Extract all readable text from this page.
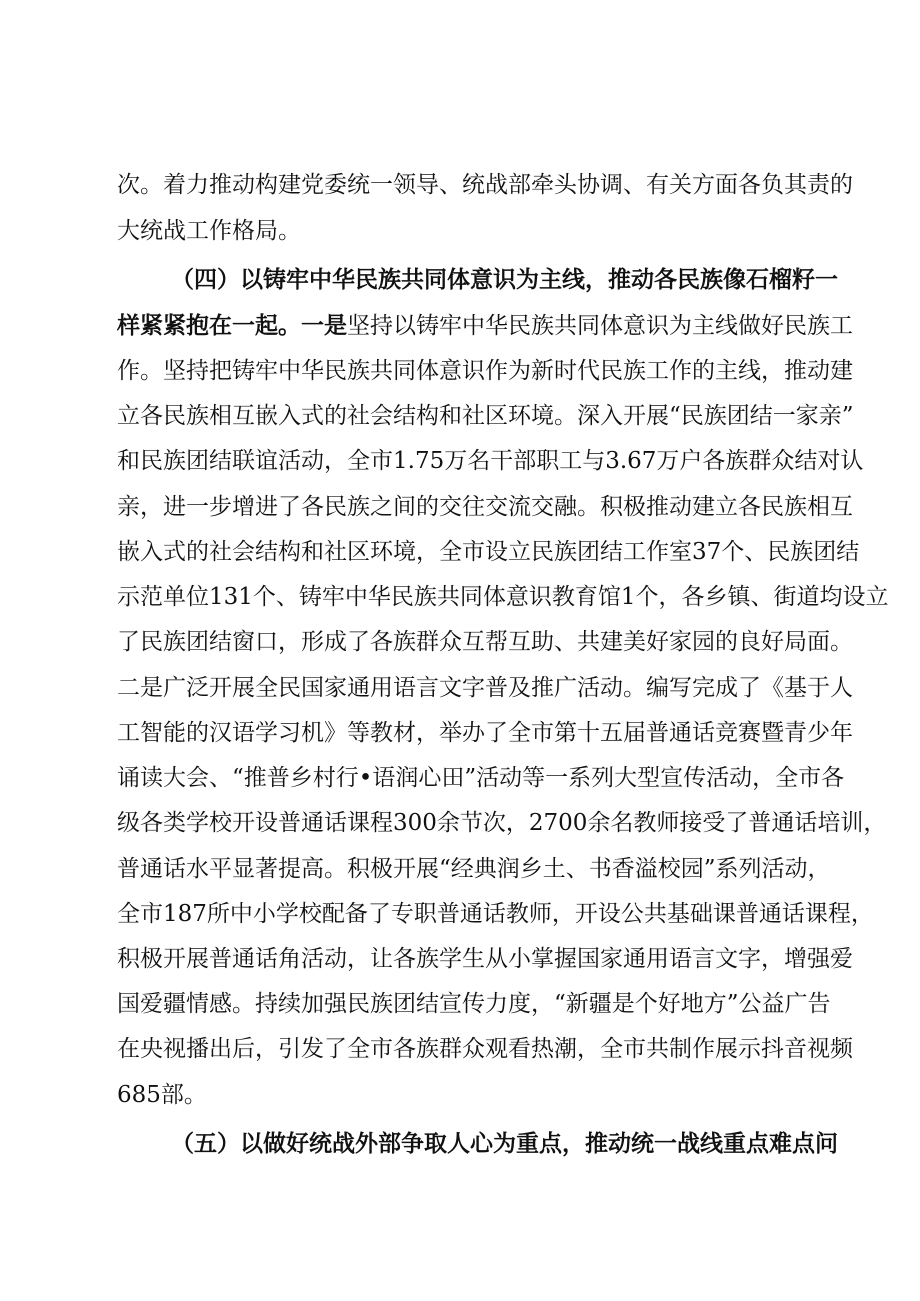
次。着力推动构建党委统一领导、统战部牵头协调、有关方面各负其责的
大统战工作格局。
（四）以铸牢中华民族共同体意识为主线，推动各民族像石榴籽一
样紧紧抱在一起。一是坚持以铸牢中华民族共同体意识为主线做好民族工
作。坚持把铸牢中华民族共同体意识作为新时代民族工作的主线，推动建
立各民族相互嵌入式的社会结构和社区环境。深入开展“民族团结一家亲”
和民族团结联谊活动，全市1.75万名干部职工与3.67万户各族群众结对认
亲，进一步增进了各民族之间的交往交流交融。积极推动建立各民族相互
嵌入式的社会结构和社区环境，全市设立民族团结工作室37个、民族团结
示范单位131个、铸牢中华民族共同体意识教育馆1个，各乡镇、街道均设立
了民族团结窗口，形成了各族群众互帮互助、共建美好家园的良好局面。
二是广泛开展全民国家通用语言文字普及推广活动。编写完成了《基于人
工智能的汉语学习机》等教材，举办了全市第十五届普通话竞赛暨青少年
诵读大会、“推普乡村行•语润心田”活动等一系列大型宣传活动，全市各
级各类学校开设普通话课程300余节次，2700余名教师接受了普通话培训，
普通话水平显著提高。积极开展“经典润乡土、书香溢校园”系列活动，
全市187所中小学校配备了专职普通话教师，开设公共基础课普通话课程，
积极开展普通话角活动，让各族学生从小掌握国家通用语言文字，增强爱
国爱疆情感。持续加强民族团结宣传力度，“新疆是个好地方”公益广告
在央视播出后，引发了全市各族群众观看热潮，全市共制作展示抖音视频
685部。
（五）以做好统战外部争取人心为重点，推动统一战线重点难点问
